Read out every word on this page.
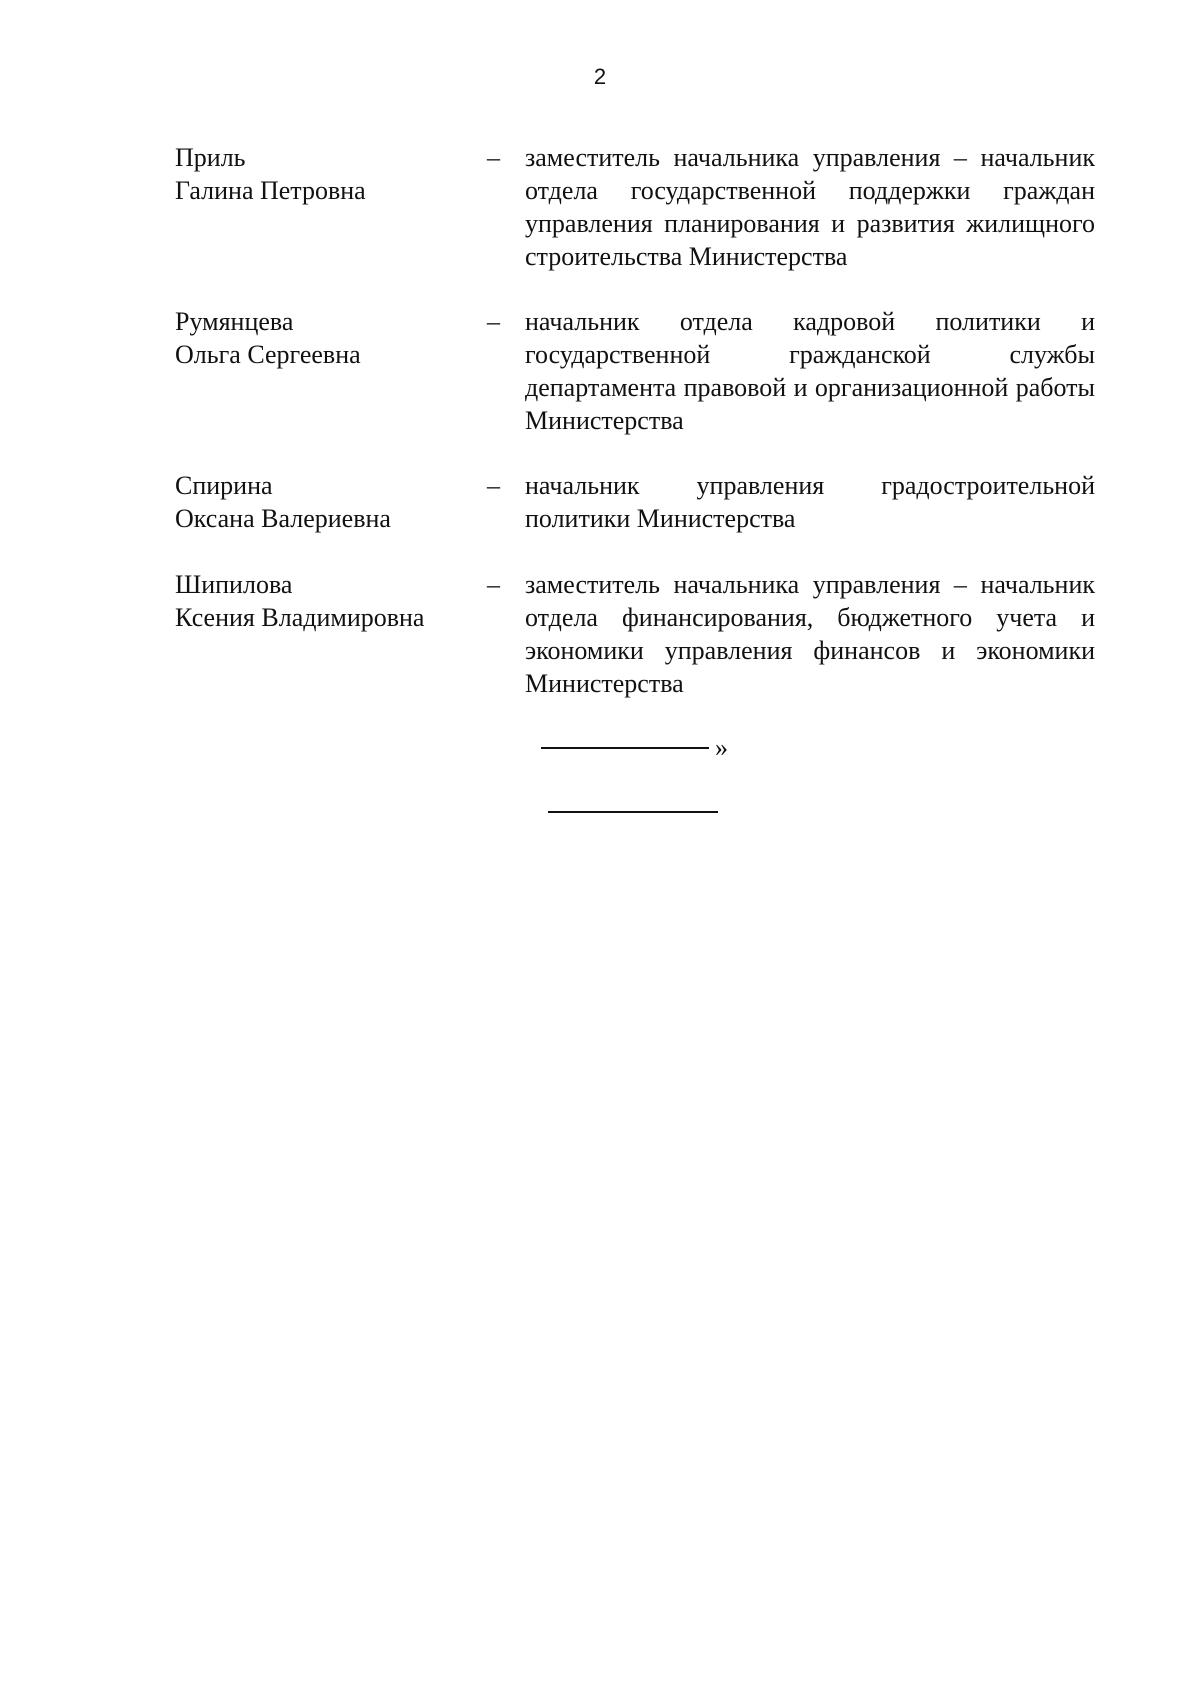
2
Приль
Галина Петровна
– заместитель начальника управления – начальник отдела государственной поддержки граждан управления планирования и развития жилищного строительства Министерства
Румянцева
Ольга Сергеевна
– начальник отдела кадровой политики и государственной гражданской службы департамента правовой и организационной работы Министерства
Спирина
Оксана Валериевна
– начальник управления градостроительной политики Министерства
Шипилова
Ксения Владимировна
– заместитель начальника управления – начальник отдела финансирования, бюджетного учета и экономики управления финансов и экономики Министерства
»
